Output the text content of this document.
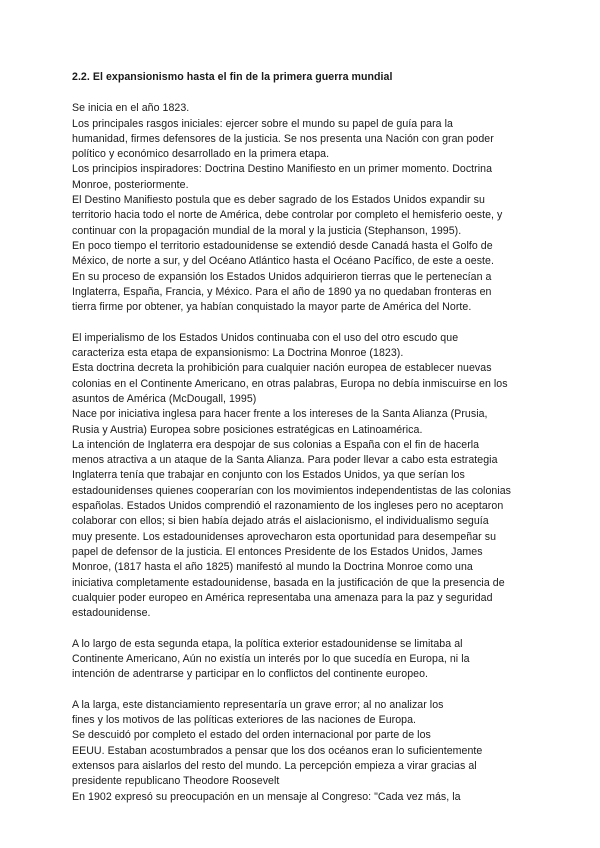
2.2. El expansionismo hasta el fin de la primera guerra mundial
Se inicia en el año 1823.
Los principales rasgos iniciales: ejercer sobre el mundo su papel de guía para la
humanidad, firmes defensores de la justicia. Se nos presenta una Nación con gran poder
político y económico desarrollado en la primera etapa.
Los principios inspiradores: Doctrina Destino Manifiesto en un primer momento. Doctrina
Monroe, posteriormente.
El Destino Manifiesto postula que es deber sagrado de los Estados Unidos expandir su
territorio hacia todo el norte de América, debe controlar por completo el hemisferio oeste, y
continuar con la propagación mundial de la moral y la justicia (Stephanson, 1995).
En poco tiempo el territorio estadounidense se extendió desde Canadá hasta el Golfo de
México, de norte a sur, y del Océano Atlántico hasta el Océano Pacífico, de este a oeste.
En su proceso de expansión los Estados Unidos adquirieron tierras que le pertenecían a
Inglaterra, España, Francia, y México. Para el año de 1890 ya no quedaban fronteras en
tierra firme por obtener, ya habían conquistado la mayor parte de América del Norte.
El imperialismo de los Estados Unidos continuaba con el uso del otro escudo que
caracteriza esta etapa de expansionismo: La Doctrina Monroe (1823).
Esta doctrina decreta la prohibición para cualquier nación europea de establecer nuevas
colonias en el Continente Americano, en otras palabras, Europa no debía inmiscuirse en los
asuntos de América (McDougall, 1995)
Nace por iniciativa inglesa para hacer frente a los intereses de la Santa Alianza (Prusia,
Rusia y Austria) Europea sobre posiciones estratégicas en Latinoamérica.
La intención de Inglaterra era despojar de sus colonias a España con el fin de hacerla
menos atractiva a un ataque de la Santa Alianza. Para poder llevar a cabo esta estrategia
Inglaterra tenía que trabajar en conjunto con los Estados Unidos, ya que serían los
estadounidenses quienes cooperarían con los movimientos independentistas de las colonias
españolas. Estados Unidos comprendió el razonamiento de los ingleses pero no aceptaron
colaborar con ellos; si bien había dejado atrás el aislacionismo, el individualismo seguía
muy presente. Los estadounidenses aprovecharon esta oportunidad para desempeñar su
papel de defensor de la justicia. El entonces Presidente de los Estados Unidos, James
Monroe, (1817 hasta el año 1825) manifestó al mundo la Doctrina Monroe como una
iniciativa completamente estadounidense, basada en la justificación de que la presencia de
cualquier poder europeo en América representaba una amenaza para la paz y seguridad
estadounidense.
A lo largo de esta segunda etapa, la política exterior estadounidense se limitaba al
Continente Americano, Aún no existía un interés por lo que sucedía en Europa, ni la
intención de adentrarse y participar en lo conflictos del continente europeo.
A la larga, este distanciamiento representaría un grave error; al no analizar los
fines y los motivos de las políticas exteriores de las naciones de Europa.
Se descuidó por completo el estado del orden internacional por parte de los
EEUU. Estaban acostumbrados a pensar que los dos océanos eran lo suficientemente
extensos para aislarlos del resto del mundo. La percepción empieza a virar gracias al
presidente republicano Theodore Roosevelt
En 1902 expresó su preocupación en un mensaje al Congreso: "Cada vez más, la
